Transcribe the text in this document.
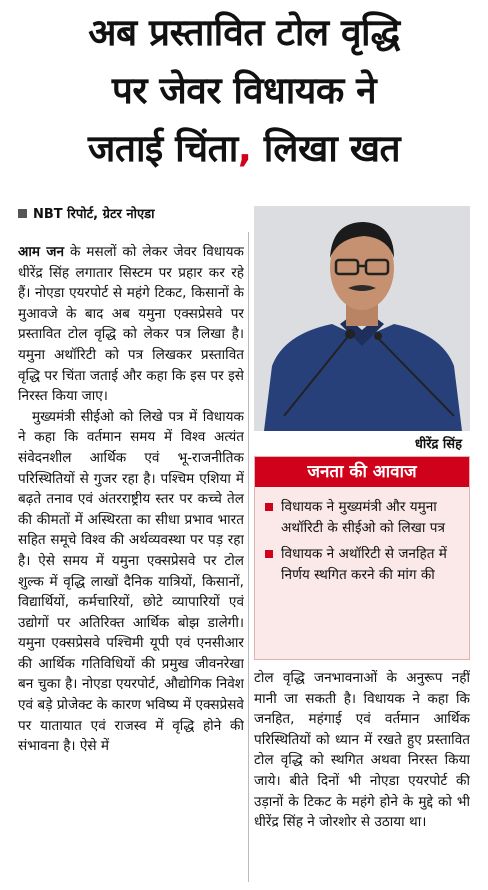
अब प्रस्तावित टोल वृद्धि
पर जेवर विधायक ने
जताई चिंता, लिखा खत
NBT रिपोर्ट, ग्रेटर नोएडा

आम जन के मसलों को लेकर जेवर विधायक धीरेंद्र सिंह लगातार सिस्टम पर प्रहार कर रहे हैं। नोएडा एयरपोर्ट से महंगे टिकट, किसानों के मुआवजे के बाद अब यमुना एक्सप्रेसवे पर प्रस्तावित टोल वृद्धि को लेकर पत्र लिखा है। यमुना अथॉरिटी को पत्र लिखकर प्रस्तावित वृद्धि पर चिंता जताई और कहा कि इस पर इसे निरस्त किया जाए।

मुख्यमंत्री सीईओ को लिखे पत्र में विधायक ने कहा कि वर्तमान समय में विश्व अत्यंत संवेदनशील आर्थिक एवं भू-राजनीतिक परिस्थितियों से गुजर रहा है। पश्चिम एशिया में बढ़ते तनाव एवं अंतरराष्ट्रीय स्तर पर कच्चे तेल की कीमतों में अस्थिरता का सीधा प्रभाव भारत सहित समूचे विश्व की अर्थव्यवस्था पर पड़ रहा है। ऐसे समय में यमुना एक्सप्रेसवे पर टोल शुल्क में वृद्धि लाखों दैनिक यात्रियों, किसानों, विद्यार्थियों, कर्मचारियों, छोटे व्यापारियों एवं उद्योगों पर अतिरिक्त आर्थिक बोझ डालेगी। यमुना एक्सप्रेसवे पश्चिमी यूपी एवं एनसीआर की आर्थिक गतिविधियों की प्रमुख जीवनरेखा बन चुका है। नोएडा एयरपोर्ट, औद्योगिक निवेश एवं बड़े प्रोजेक्ट के कारण भविष्य में एक्सप्रेसवे पर यातायात एवं राजस्व में वृद्धि होने की संभावना है। ऐसे में

धीरेंद्र सिंह
जनता की आवाज
विधायक ने मुख्यमंत्री और यमुना अथॉरिटी के सीईओ को लिखा पत्र
विधायक ने अथॉरिटी से जनहित में निर्णय स्थगित करने की मांग की

टोल वृद्धि जनभावनाओं के अनुरूप नहीं मानी जा सकती है। विधायक ने कहा कि जनहित, महंगाई एवं वर्तमान आर्थिक परिस्थितियों को ध्यान में रखते हुए प्रस्तावित टोल वृद्धि को स्थगित अथवा निरस्त किया जाये। बीते दिनों भी नोएडा एयरपोर्ट की उड़ानों के टिकट के महंगे होने के मुद्दे को भी धीरेंद्र सिंह ने जोरशोर से उठाया था।
